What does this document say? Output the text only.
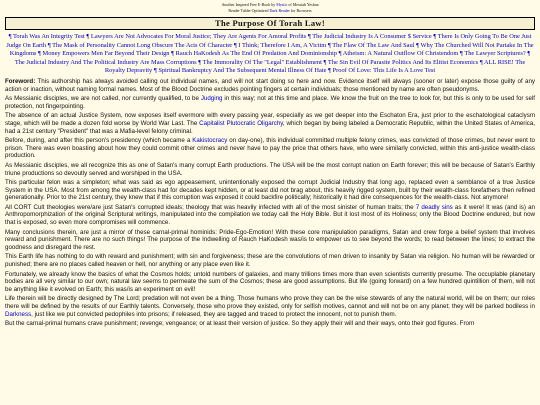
Another Inspired Free E-Book by Mystic of Messiah Yeshua
Reader Tablet Optimized Dark Reader for Browsers
The Purpose Of Torah Law!
¶ Torah Was An Integrity Test ¶ Lawyers Are Not Advocates For Moral Justice; They Are Agents For Amoral Profits ¶ The Judicial Industry Is A Consumer $ Service ¶ There Is Only Going To Be One Just Judge On Earth ¶ The Mask of Personality Cannot Long Obscure The Acts Of Character ¶ I Think; Therefore I Am, A Victim ¶ The Flaw Of The Law And Saul ¶ Why The Churched Will Not Partake In The Kingdoms ¶ Money Empowers Men Far Beyond Their Design ¶ Rauch HaKodesh As The End Of Predation And Dominionship ¶ Atheism: A Natural Outflow Of Christendom ¶ The Lawyer Scriptures? ¶ The Judicial Industry And The Political Industry Are Mass Corruptions ¶ The Immorality Of The "Legal" Establishment ¶ The Sin Evil Of Parasite Politics And Its Elitist Economics ¶ ALL RISE! The Royalty Depravity ¶ Spiritual Bankruptcy And The Subsequent Mental Illness Of Hate ¶ Proof Of Love: This Life Is A Love Test

Foreword: This authorship has always avoided calling out individual names, and will not start doing so here and now. Evidence itself will always (sooner or later) expose those guilty of any action or inaction, without naming formal names. Most of the Blood Doctrine excludes pointing fingers at certain individuals; those mentioned by name are often pseudonyms.

As Messianic disciples, we are not called, nor currently qualified, to be Judging in this way; not at this time and place. We know the fruit on the tree to look for, but this is only to be used for self protection, not fingerpointing.

The absence of an actual Justice System, now exposes itself evermore with every passing year, especially as we get deeper into the Eschaton Era, just prior to the eschatological cataclysm stage, which will be made a dozen fold worse by World War Last. The Capitalist Plutocratic Oligarchy, which began by being labeled a Democratic Republic, within the United States of America, had a 21st century "President" that was a Mafia-level felony criminal.

Before, during, and after this person's presidency (which became a Kakistocracy on day-one), this individual committed multiple felony crimes, was convicted of those crimes, but never went to prison. There was even boasting about how they could commit other crimes and never have to pay the price that others have, who were similarly convicted, within this anti-justice wealth-class production.

As Messianic disciples, we all recognize this as one of Satan's many corrupt Earth productions. The USA will be the most corrupt nation on Earth forever; this will be because of Satan's Earthly triune productions so devoutly served and worshiped in the USA.

This particular felon was a simpleton; what was said as ego appeasement, unintentionally exposed the corrupt Judicial Industry that long ago, replaced even a semblance of a true Justice System in the USA. Most from among the wealth-class had for decades kept hidden, or at least did not brag about, this heavily rigged system, built by their wealth-class forefathers then refined generationally. Prior to the 21st century, they knew that if this corruption was exposed it could backfire politically; historically it had dire consequences for the wealth-class. Not anymore!

All CORT Cult theologies were/are just Satan's corrupted ideals; theology that was heavily infected with all of the most sinister of human traits; the 7 deadly sins as it were! It was (and is) an Anthropomorphization of the original Scriptural writings, manipulated into the compilation we today call the Holy Bible. But it lost most of its Holiness; only the Blood Doctrine endured, but now that is exposed, so even more compromises will commence.

Many conclusions therein, are just a mirror of these carnal-primal hominids: Pride-Ego-Emotion! With these core manipulation paradigms, Satan and crew forge a belief system that involves reward and punishment. There are no such things! The purpose of the Indwelling of Rauch HaKodesh was/is to empower us to see beyond the words; to read between the lines; to extract the goodness and disregard the rest.

This Earth life has nothing to do with reward and punishment; with sin and forgiveness; these are the convolutions of men driven to insanity by Satan via religion. No human will be rewarded or punished; there are no places called heaven or hell, nor anything or any place even like it.

Fortunately, we already know the basics of what the Cosmos holds; untold numbers of galaxies, and many trillions times more than even scientists currently presume. The occuplable planetary bodies are all very similar to our own; natural law seems to permeate the sum of the Cosmos; these are good assumptions. But life (going forward) on a few hundred quintillion of them, will not be anything like it evolved on Earth; this was/is an experiment on evil!

Life therein will be directly designed by The Lord; predation will not even be a thing. Those humans who prove they can be the wise stewards of any the natural world, will be on them; our roles there will be defined by the results of our Earthly talents. Conversely, those who prove they existed, only for selfish motives, cannot and will not be on any planet; they will be parked bodiless in Darkness, just like we put convicted pedophiles into prisons; if released, they are tagged and traced to protect the innocent, not to punish them.

But the carnal-primal humans crave punishment; revenge; vengeance; or at least their version of justice. So they apply their will and their ways, onto their god figures. From
